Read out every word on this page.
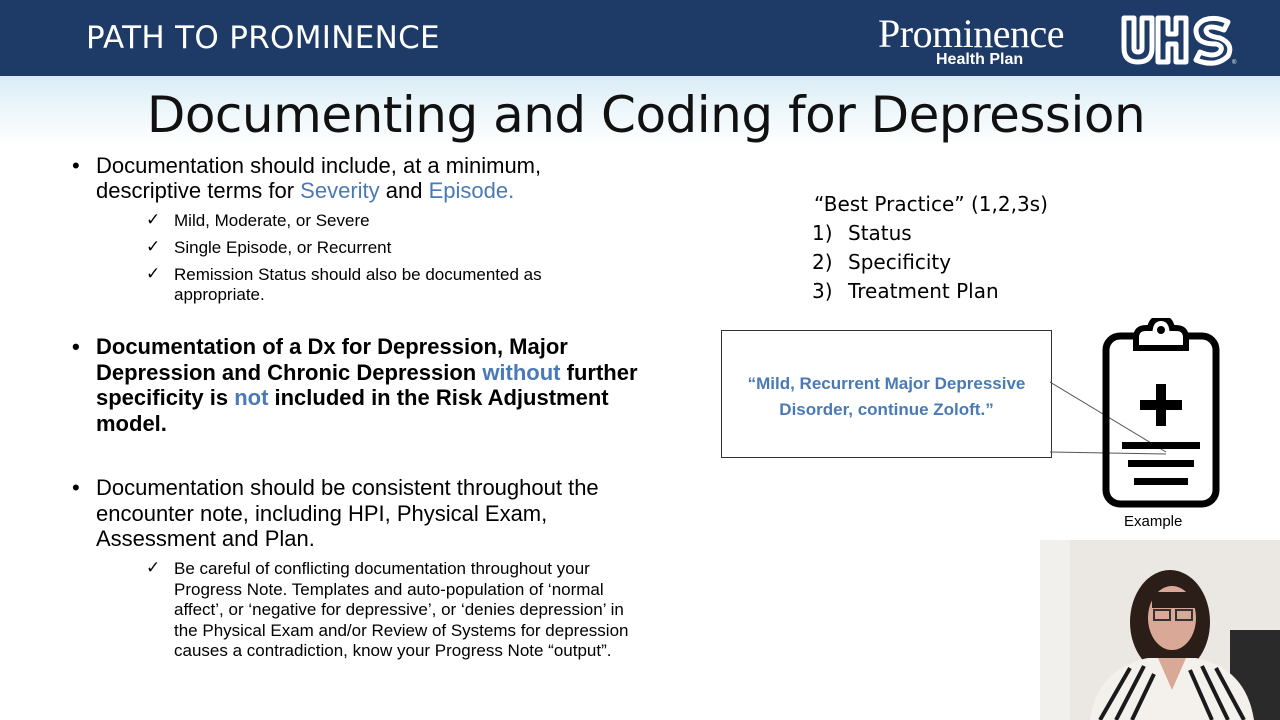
PATH TO PROMINENCE	Prominence
Health Plan	®
Documenting and Coding for Depression
• Documentation should include, at a minimum,
descriptive terms for Severity and Episode.
✓ Mild, Moderate, or Severe
✓ Single Episode, or Recurrent
✓ Remission Status should also be documented as
appropriate.
• Documentation of a Dx for Depression, Major
Depression and Chronic Depression without further
specificity is not included in the Risk Adjustment
model.
• Documentation should be consistent throughout the
encounter note, including HPI, Physical Exam,
Assessment and Plan.
✓ Be careful of conflicting documentation throughout your
Progress Note. Templates and auto-population of ‘normal
affect’, or ‘negative for depressive’, or ‘denies depression’ in
the Physical Exam and/or Review of Systems for depression
causes a contradiction, know your Progress Note “output”.
“Best Practice” (1,2,3s)
1) Status
2) Specificity
3) Treatment Plan
“Mild, Recurrent Major Depressive
Disorder, continue Zoloft.”
Example
